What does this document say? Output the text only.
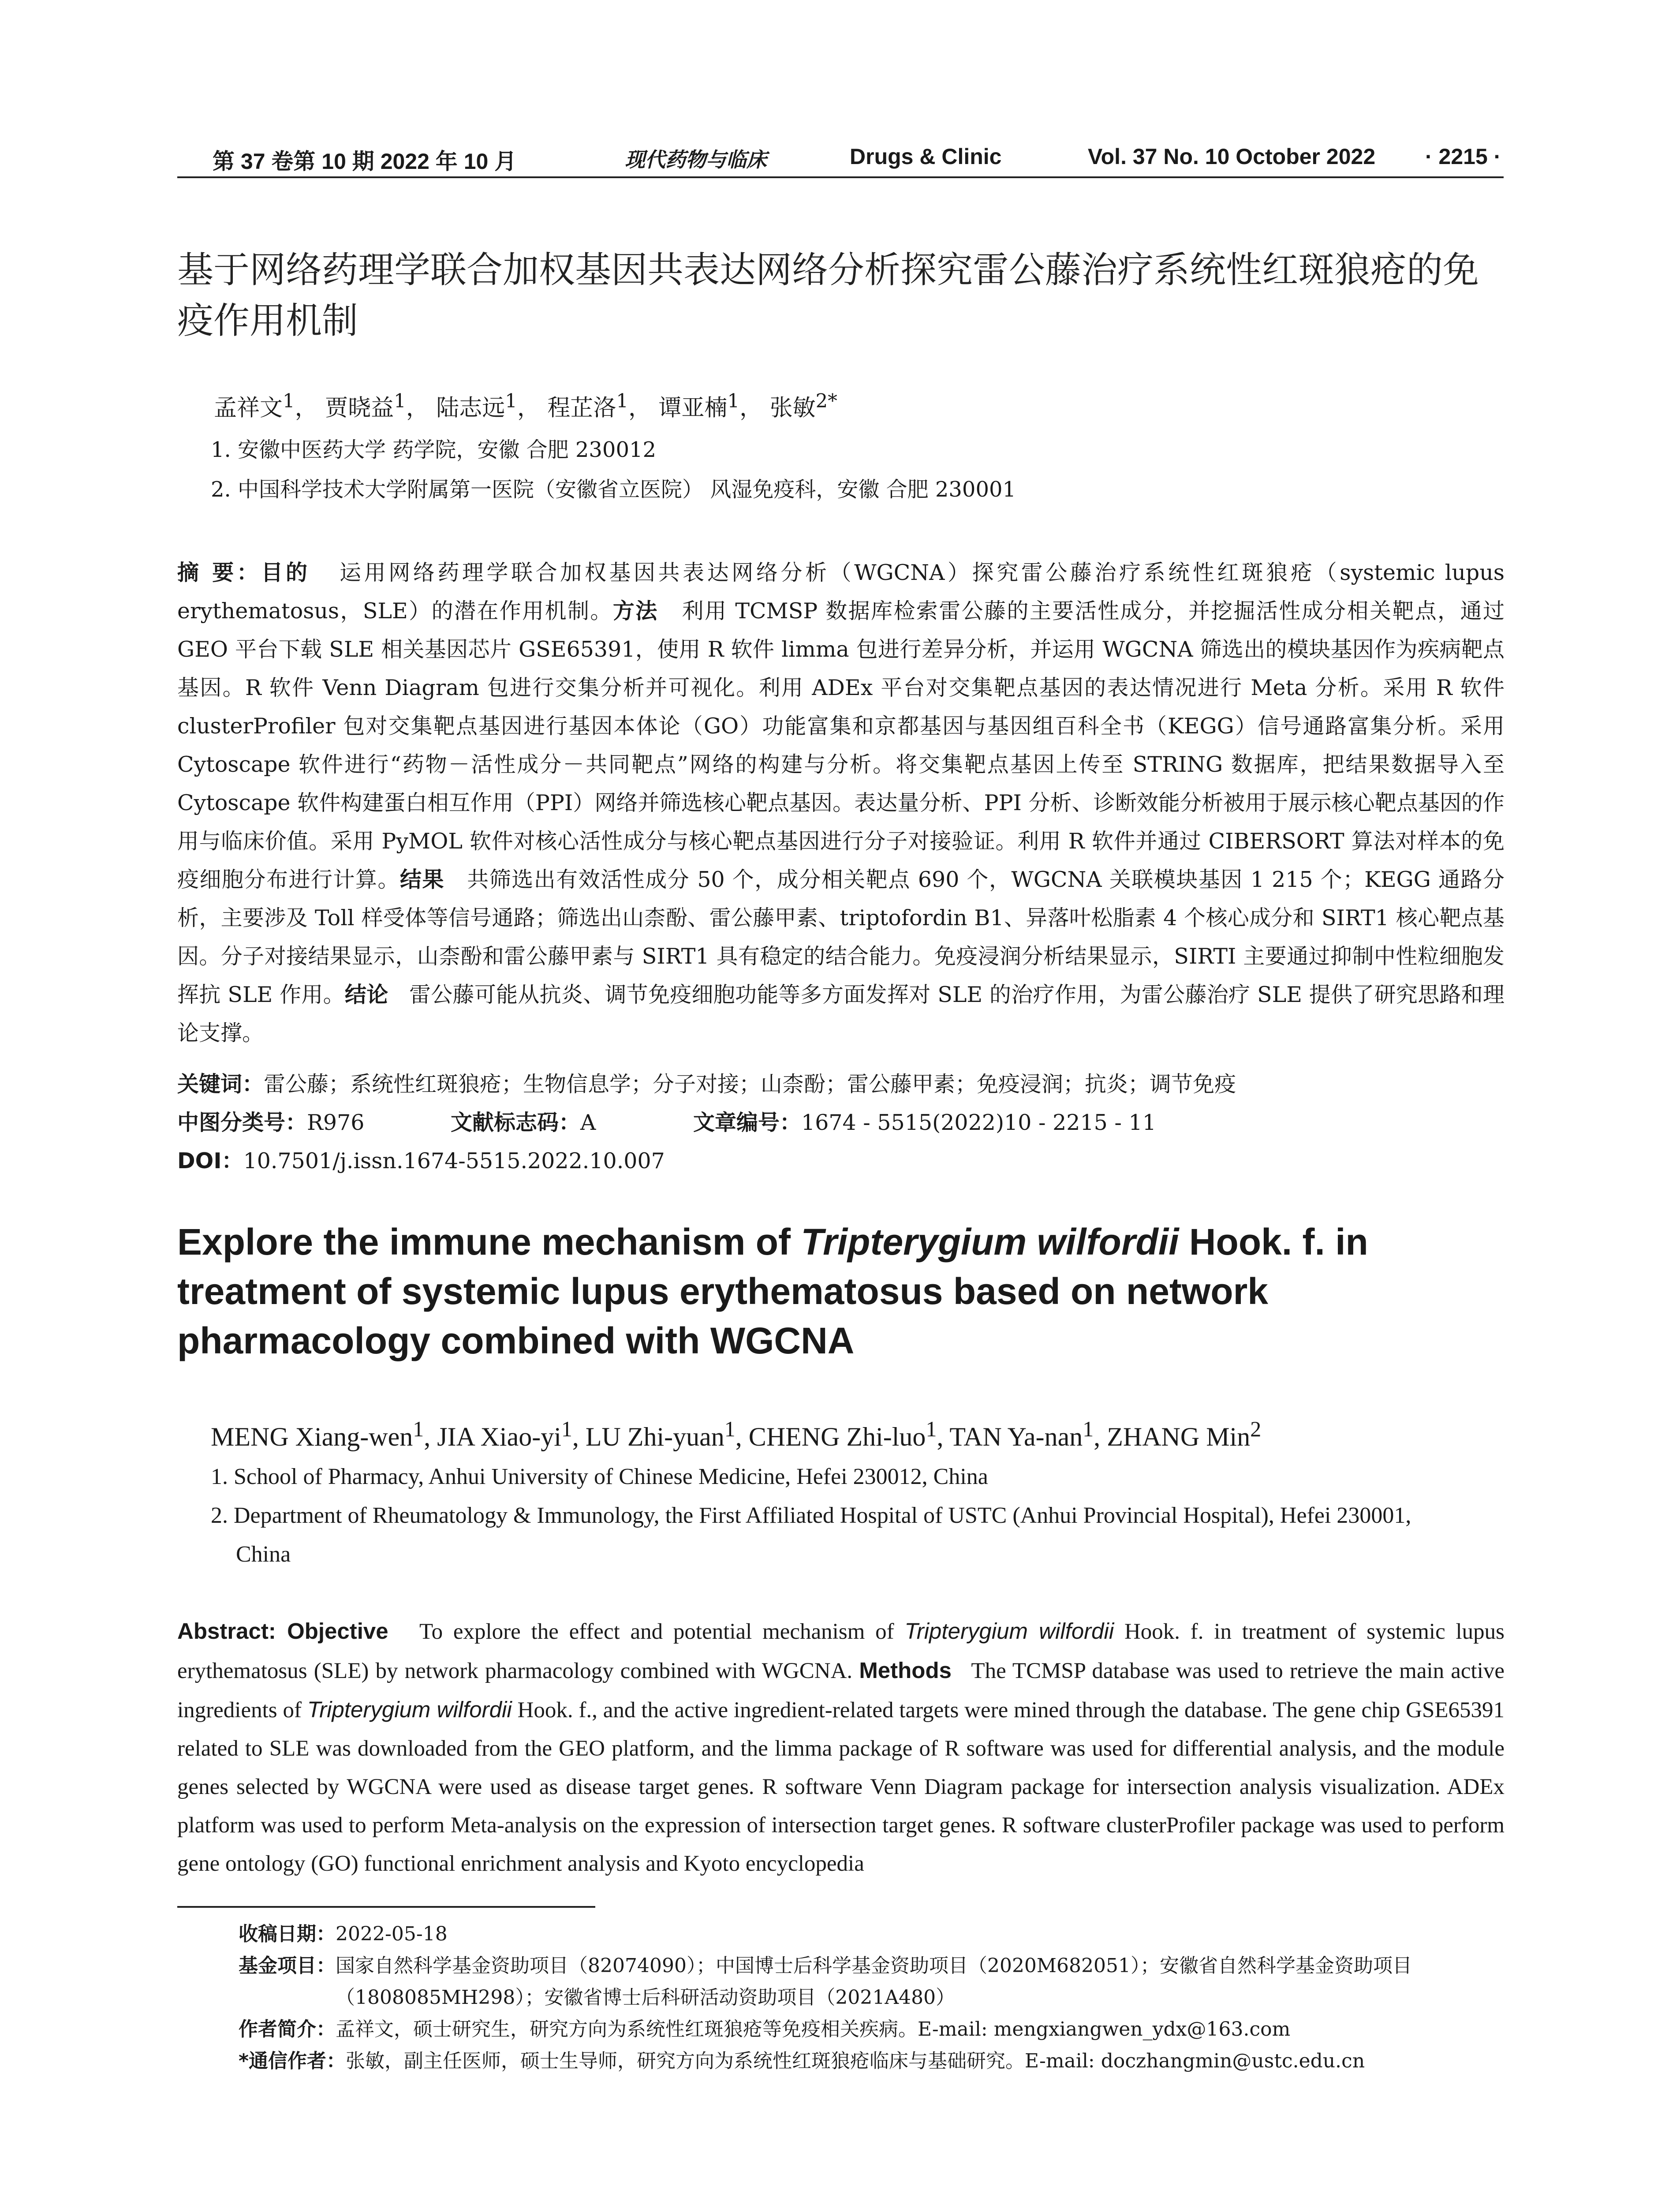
第 37 卷第 10 期 2022 年 10 月	现代药物与临床	Drugs & Clinic	Vol. 37 No. 10 October 2022 · 2215 ·
基于网络药理学联合加权基因共表达网络分析探究雷公藤治疗系统性红斑狼疮的免疫作用机制
孟祥文$^1$， 贾晓益$^1$， 陆志远$^1$， 程芷洛$^1$， 谭亚楠$^1$， 张敏$^{2*}$
1. 安徽中医药大学 药学院，安徽 合肥 230012
2. 中国科学技术大学附属第一医院（安徽省立医院） 风湿免疫科，安徽 合肥 230001
摘 要：目的 运用网络药理学联合加权基因共表达网络分析（WGCNA）探究雷公藤治疗系统性红斑狼疮（systemic lupus erythematosus，SLE）的潜在作用机制。方法 利用 TCMSP 数据库检索雷公藤的主要活性成分，并挖掘活性成分相关靶点，通过 GEO 平台下载 SLE 相关基因芯片 GSE65391，使用 R 软件 limma 包进行差异分析，并运用 WGCNA 筛选出的模块基因作为疾病靶点基因。R 软件 Venn Diagram 包进行交集分析并可视化。利用 ADEx 平台对交集靶点基因的表达情况进行 Meta 分析。采用 R 软件 clusterProfiler 包对交集靶点基因进行基因本体论（GO）功能富集和京都基因与基因组百科全书（KEGG）信号通路富集分析。采用 Cytoscape 软件进行“药物－活性成分－共同靶点”网络的构建与分析。将交集靶点基因上传至 STRING 数据库，把结果数据导入至 Cytoscape 软件构建蛋白相互作用（PPI）网络并筛选核心靶点基因。表达量分析、PPI 分析、诊断效能分析被用于展示核心靶点基因的作用与临床价值。采用 PyMOL 软件对核心活性成分与核心靶点基因进行分子对接验证。利用 R 软件并通过 CIBERSORT 算法对样本的免疫细胞分布进行计算。结果 共筛选出有效活性成分 50 个，成分相关靶点 690 个，WGCNA 关联模块基因 1 215 个；KEGG 通路分析，主要涉及 Toll 样受体等信号通路；筛选出山柰酚、雷公藤甲素、triptofordin B1、异落叶松脂素 4 个核心成分和 SIRT1 核心靶点基因。分子对接结果显示，山柰酚和雷公藤甲素与 SIRT1 具有稳定的结合能力。免疫浸润分析结果显示，SIRTI 主要通过抑制中性粒细胞发挥抗 SLE 作用。结论 雷公藤可能从抗炎、调节免疫细胞功能等多方面发挥对 SLE 的治疗作用，为雷公藤治疗 SLE 提供了研究思路和理论支撑。
关键词：雷公藤；系统性红斑狼疮；生物信息学；分子对接；山柰酚；雷公藤甲素；免疫浸润；抗炎；调节免疫
中图分类号：R976	文献标志码：A	文章编号：1674 - 5515(2022)10 - 2215 - 11
DOI：10.7501/j.issn.1674-5515.2022.10.007
Explore the immune mechanism of Tripterygium wilfordii Hook. f. in treatment of systemic lupus erythematosus based on network pharmacology combined with WGCNA
MENG Xiang-wen$^1$, JIA Xiao-$yi^1$, LU Zhi-yuan$^1$, CHENG Zhi-luo$^1$, TAN Ya-nan$^1$, ZHANG Min$^2$
1. School of Pharmacy, Anhui University of Chinese Medicine, Hefei 230012, China
2. Department of Rheumatology & Immunology, the First Affiliated Hospital of USTC (Anhui Provincial Hospital), Hefei 230001,
China
Abstract: Objective To explore the effect and potential mechanism of Tripterygium wilfordii Hook. f. in treatment of systemic lupus erythematosus (SLE) by network pharmacology combined with WGCNA. Methods The TCMSP database was used to retrieve the main active ingredients of Tripterygium wilfordii Hook. f., and the active ingredient-related targets were mined through the database. The gene chip GSE65391 related to SLE was downloaded from the GEO platform, and the limma package of R software was used for differential analysis, and the module genes selected by WGCNA were used as disease target genes. R software Venn Diagram package for intersection analysis visualization. ADEx platform was used to perform Meta-analysis on the expression of intersection target genes. R software clusterProfiler package was used to perform gene ontology (GO) functional enrichment analysis and Kyoto encyclopedia
收稿日期：2022-05-18
基金项目： 国家自然科学基金资助项目（82074090）；中国博士后科学基金资助项目（2020M682051）；安徽省自然科学基金资助项目
（1808085MH298）；安徽省博士后科研活动资助项目（2021A480）
作者简介：孟祥文，硕士研究生，研究方向为系统性红斑狼疮等免疫相关疾病。E-mail: mengxiangwen_ydx@163.com
*通信作者：张敏，副主任医师，硕士生导师，研究方向为系统性红斑狼疮临床与基础研究。E-mail: doczhangmin@ustc.edu.cn
